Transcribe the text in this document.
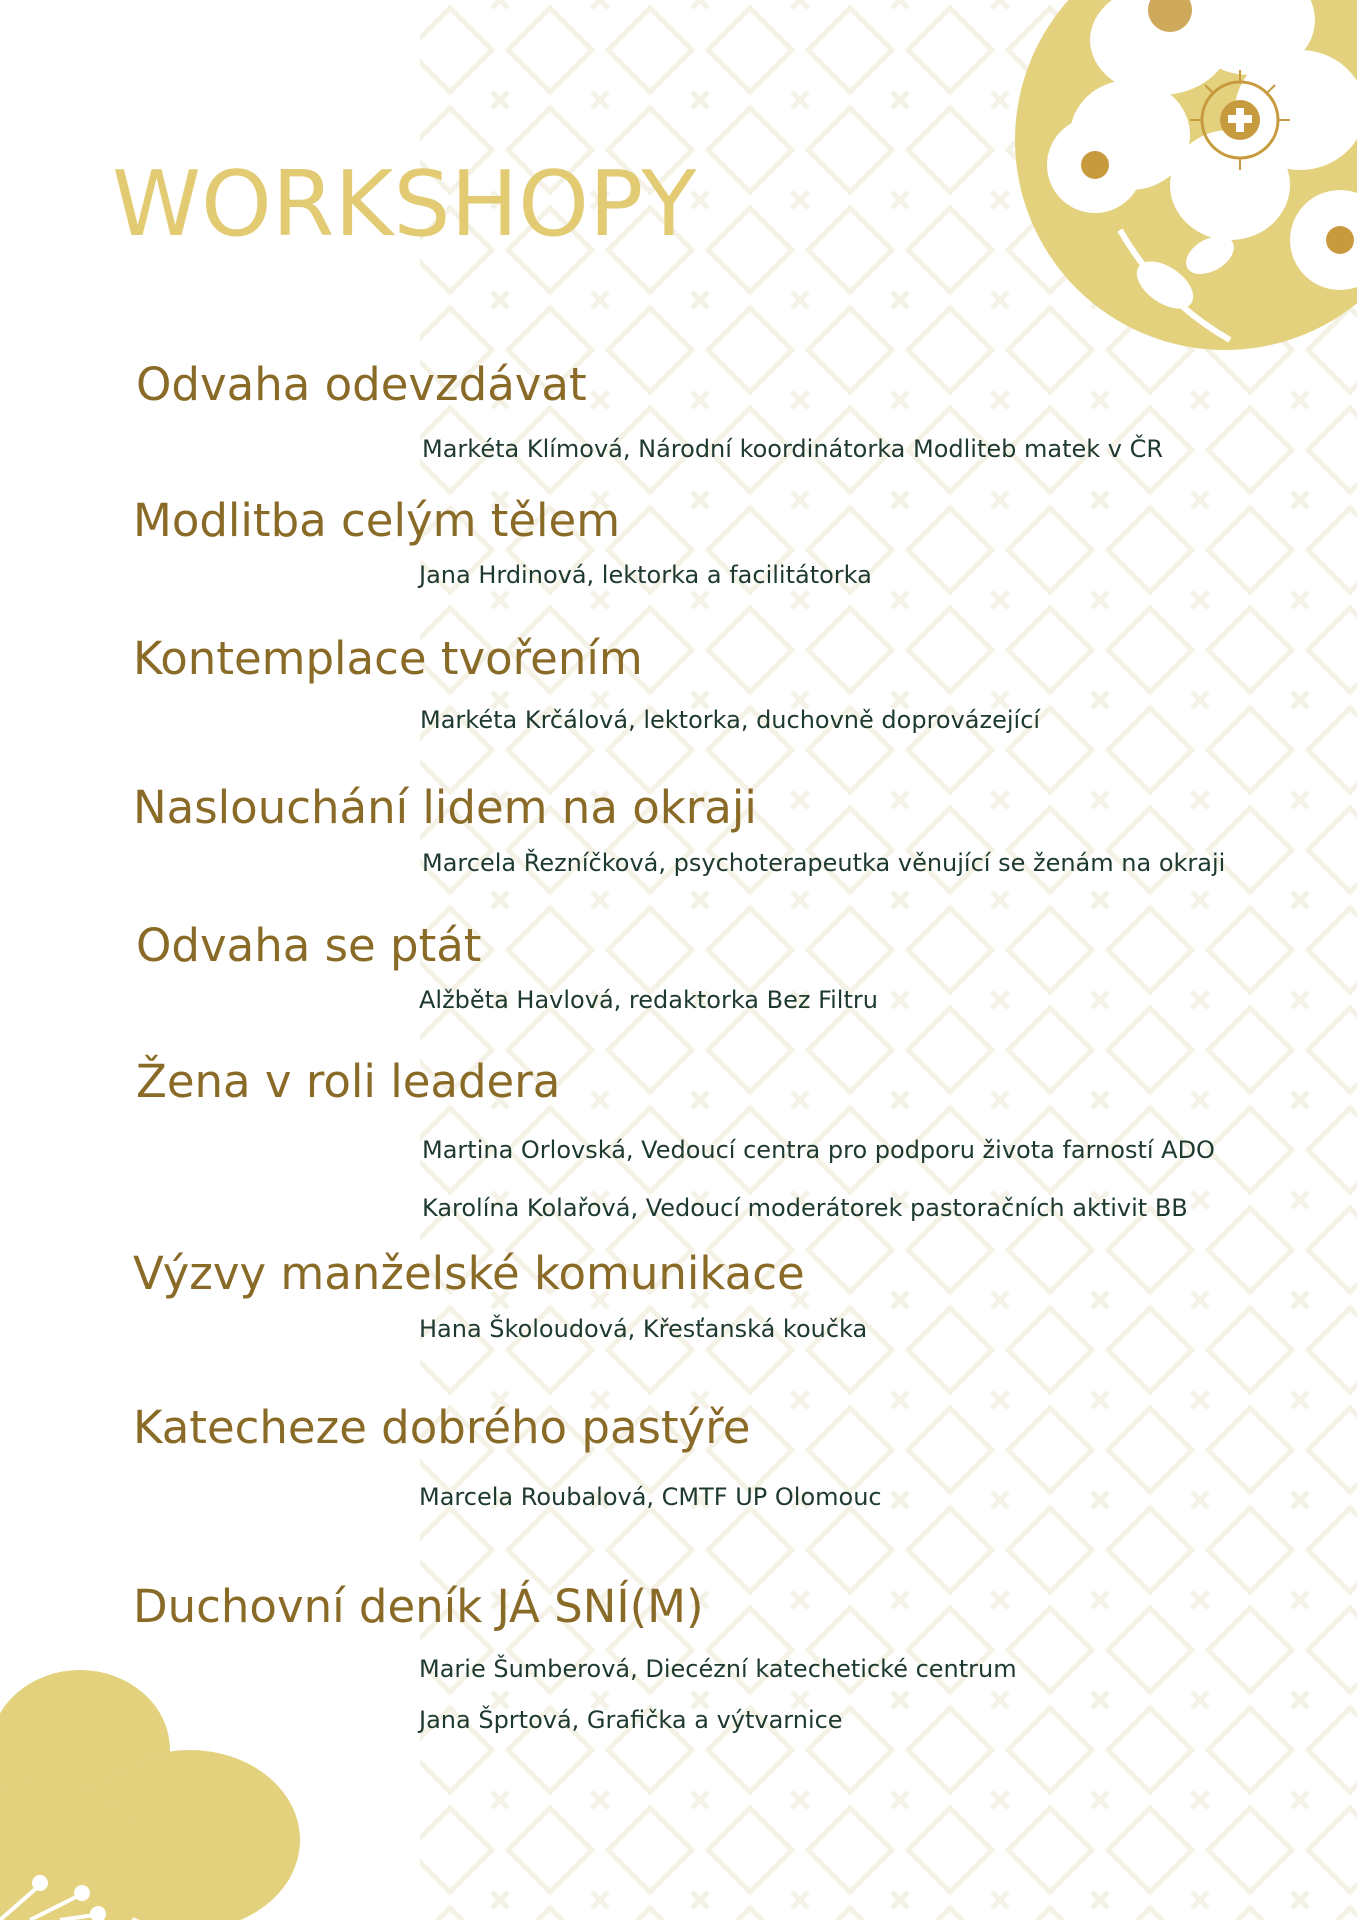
WORKSHOPY
Odvaha odevzdávat

Markéta Klímová, Národní koordinátorka Modliteb matek v ČR

Modlitba celým tělem

Jana Hrdinová, lektorka a facilitátorka

Kontemplace tvořením

Markéta Krčálová, lektorka, duchovně doprovázející

Naslouchání lidem na okraji

Marcela Řezníčková, psychoterapeutka věnující se ženám na okraji

Odvaha se ptát

Alžběta Havlová, redaktorka Bez Filtru

Žena v roli leadera

Martina Orlovská, Vedoucí centra pro podporu života farností ADO

Karolína Kolařová, Vedoucí moderátorek pastoračních aktivit BB

Výzvy manželské komunikace

Hana Školoudová, Křesťanská koučka

Katecheze dobrého pastýře

Marcela Roubalová, CMTF UP Olomouc

Duchovní deník JÁ SNÍ(M)

Marie Šumberová, Diecézní katechetické centrum

Jana Šprtová, Grafička a výtvarnice
